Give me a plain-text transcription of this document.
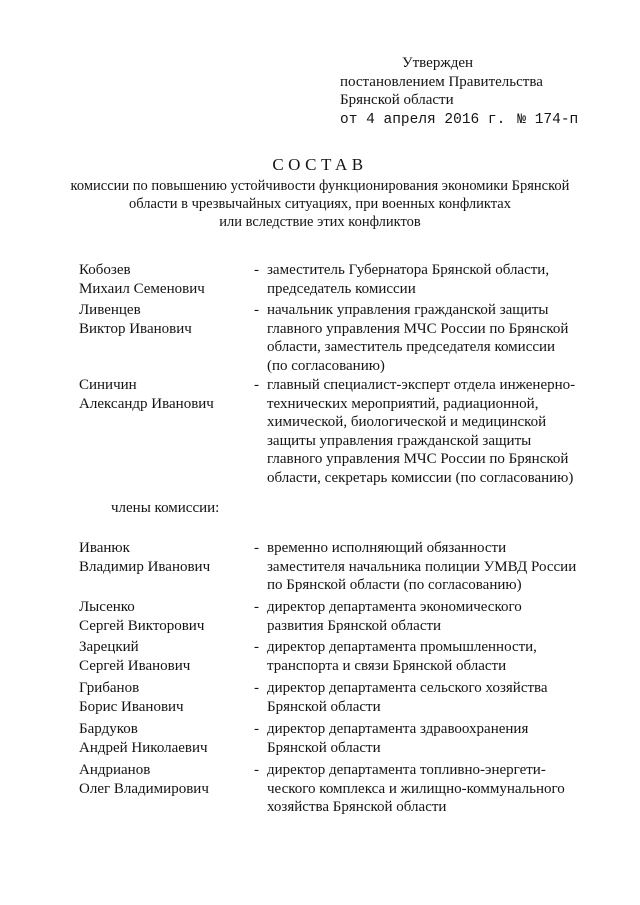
Утвержден
постановлением Правительства
Брянской области
от 4 апреля 2016 г. № 174-п
СОСТАВ
комиссии по повышению устойчивости функционирования экономики Брянской
области в чрезвычайных ситуациях, при военных конфликтах
или вследствие этих конфликтов
Кобозев
Михаил Семенович
- заместитель Губернатора Брянской области,
председатель комиссии
Ливенцев
Виктор Иванович
- начальник управления гражданской защиты
главного управления МЧС России по Брянской
области, заместитель председателя комиссии
(по согласованию)
Синичин
Александр Иванович
- главный специалист-эксперт отдела инженерно-
технических мероприятий, радиационной,
химической, биологической и медицинской
защиты управления гражданской защиты
главного управления МЧС России по Брянской
области, секретарь комиссии (по согласованию)
члены комиссии:
Иванюк
Владимир Иванович
- временно исполняющий обязанности
заместителя начальника полиции УМВД России
по Брянской области (по согласованию)
Лысенко
Сергей Викторович
- директор департамента экономического
развития Брянской области
Зарецкий
Сергей Иванович
- директор департамента промышленности,
транспорта и связи Брянской области
Грибанов
Борис Иванович
- директор департамента сельского хозяйства
Брянской области
Бардуков
Андрей Николаевич
- директор департамента здравоохранения
Брянской области
Андрианов
Олег Владимирович
- директор департамента топливно-энергети-
ческого комплекса и жилищно-коммунального
хозяйства Брянской области
